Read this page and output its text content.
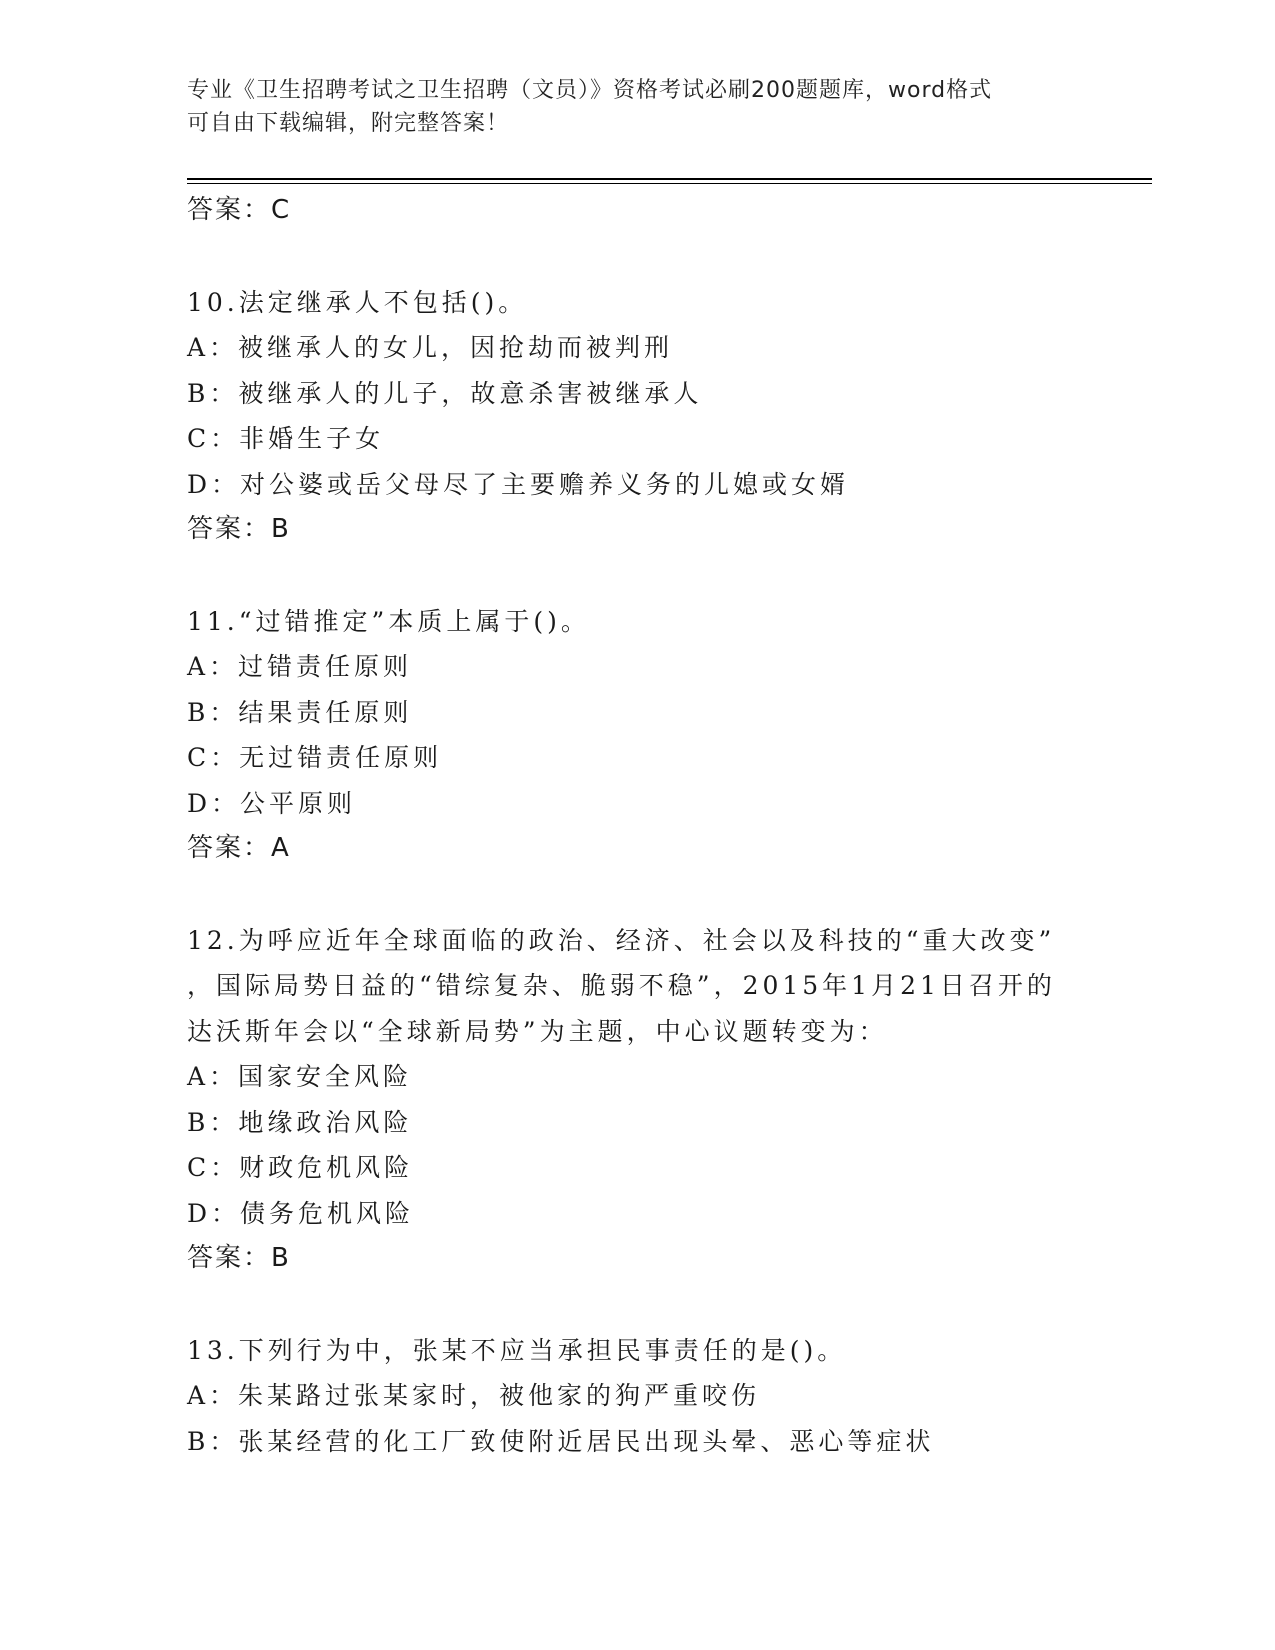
专业《卫生招聘考试之卫生招聘（文员）》资格考试必刷200题题库，word格式
可自由下载编辑，附完整答案！
答案：C
10.法定继承人不包括()。
A：被继承人的女儿，因抢劫而被判刑
B：被继承人的儿子，故意杀害被继承人
C：非婚生子女
D：对公婆或岳父母尽了主要赡养义务的儿媳或女婿
答案：B
11.“过错推定”本质上属于()。
A：过错责任原则
B：结果责任原则
C：无过错责任原则
D：公平原则
答案：A
12.为呼应近年全球面临的政治、经济、社会以及科技的“重大改变”
，国际局势日益的“错综复杂、脆弱不稳”，2015年1月21日召开的
达沃斯年会以“全球新局势”为主题，中心议题转变为：
A：国家安全风险
B：地缘政治风险
C：财政危机风险
D：债务危机风险
答案：B
13.下列行为中，张某不应当承担民事责任的是()。
A：朱某路过张某家时，被他家的狗严重咬伤
B：张某经营的化工厂致使附近居民出现头晕、恶心等症状
